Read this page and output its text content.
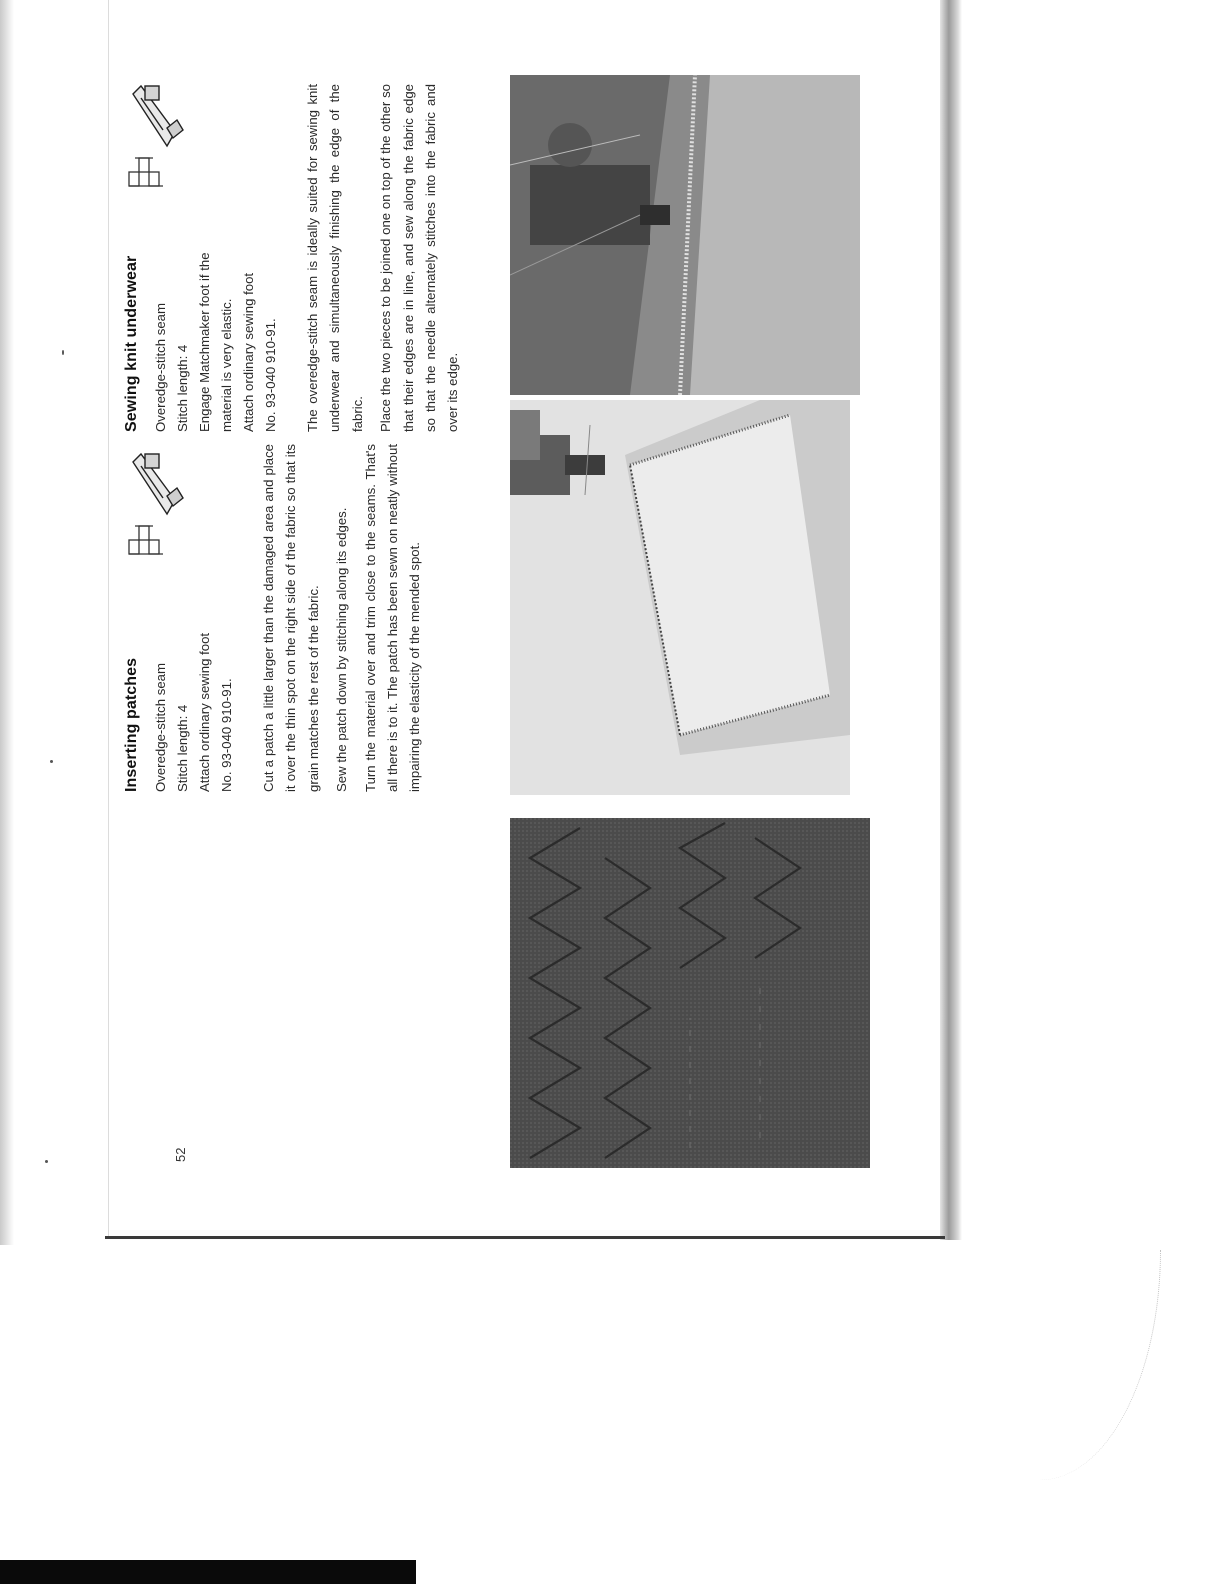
52
Inserting patches Overedge-stitch seam Stitch length: 4 Attach ordinary sewing foot No. 93-040 910-91.	Cut a patch a little larger than the damaged area and place it over the thin spot on the right side of the fabric so that its grain matches the rest of the fabric.	Sew the patch down by stitching along its edges.	Turn the material over and trim close to the seams. That's all there is to it. The patch has been sewn on neatly without impairing the elasticity of the mended spot.

Sewing knit underwear Overedge-stitch seam Stitch length: 4 Engage Matchmaker foot if the material is very elastic. Attach ordinary sewing foot No. 93-040 910-91.	The overedge-stitch seam is ideally suited for sewing knit underwear and simultaneously finishing the edge of the fabric.	Place the two pieces to be joined one on top of the other so that their edges are in line, and sew along the fabric edge so that the needle alternately stitches into the fabric and over its edge.
